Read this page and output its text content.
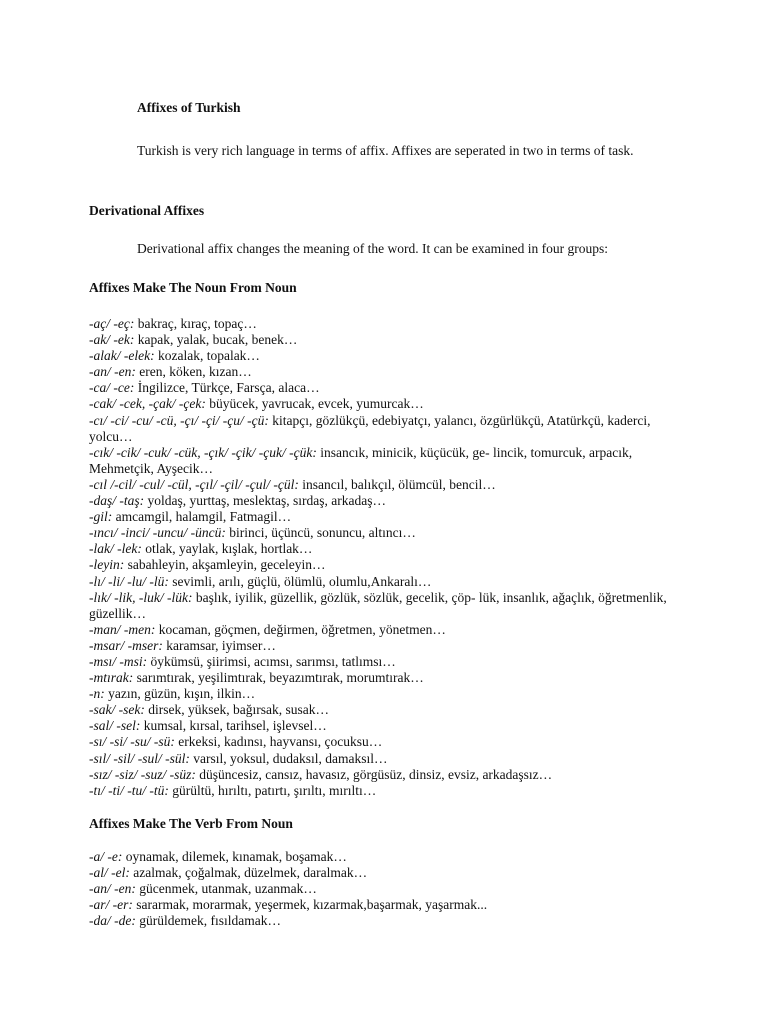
Affixes of Turkish
Turkish is very rich language in terms of affix. Affixes are seperated in two in terms of task.
Derivational Affixes
Derivational affix changes the meaning of the word. It can be examined in four groups:
Affixes Make The Noun From Noun
-aç/ -eç: bakraç, kıraç, topaç…
-ak/ -ek: kapak, yalak, bucak, benek…
-alak/ -elek: kozalak, topalak…
-an/ -en: eren, köken, kızan…
-ca/ -ce: İngilizce, Türkçe, Farsça, alaca…
-cak/ -cek, -çak/ -çek: büyücek, yavrucak, evcek, yumurcak…
-cı/ -ci/ -cu/ -cü, -çı/ -çi/ -çu/ -çü: kitapçı, gözlükçü, edebiyatçı, yalancı, özgürlükçü, Atatürkçü, kaderci, yolcu…
-cık/ -cik/ -cuk/ -cük, -çık/ -çik/ -çuk/ -çük: insancık, minicik, küçücük, ge- lincik, tomurcuk, arpacık, Mehmetçik, Ayşecik…
-cıl /-cil/ -cul/ -cül, -çıl/ -çil/ -çul/ -çül: insancıl, balıkçıl, ölümcül, bencil…
-daş/ -taş: yoldaş, yurttaş, meslektaş, sırdaş, arkadaş…
-gil: amcamgil, halamgil, Fatmagil…
-ıncı/ -inci/ -uncu/ -üncü: birinci, üçüncü, sonuncu, altıncı…
-lak/ -lek: otlak, yaylak, kışlak, hortlak…
-leyin: sabahleyin, akşamleyin, geceleyin…
-lı/ -li/ -lu/ -lü: sevimli, arılı, güçlü, ölümlü, olumlu,Ankaralı…
-lık/ -lik, -luk/ -lük: başlık, iyilik, güzellik, gözlük, sözlük, gecelik, çöp- lük, insanlık, ağaçlık, öğretmenlik, güzellik…
-man/ -men: kocaman, göçmen, değirmen, öğretmen, yönetmen…
-msar/ -mser: karamsar, iyimser…
-msı/ -msi: öykümsü, şiirimsi, acımsı, sarımsı, tatlımsı…
-mtırak: sarımtırak, yeşilimtırak, beyazımtırak, morumtırak…
-n: yazın, güzün, kışın, ilkin…
-sak/ -sek: dirsek, yüksek, bağırsak, susak…
-sal/ -sel: kumsal, kırsal, tarihsel, işlevsel…
-sı/ -si/ -su/ -sü: erkeksi, kadınsı, hayvansı, çocuksu…
-sıl/ -sil/ -sul/ -sül: varsıl, yoksul, dudaksıl, damaksıl…
-sız/ -siz/ -suz/ -süz: düşüncesiz, cansız, havasız, görgüsüz, dinsiz, evsiz, arkadaşsız…
-tı/ -ti/ -tu/ -tü: gürültü, hırıltı, patırtı, şırıltı, mırıltı…
Affixes Make The Verb From Noun
-a/ -e: oynamak, dilemek, kınamak, boşamak…
-al/ -el: azalmak, çoğalmak, düzelmek, daralmak…
-an/ -en: gücenmek, utanmak, uzanmak…
-ar/ -er: sararmak, morarmak, yeşermek, kızarmak,başarmak, yaşarmak...
-da/ -de: gürüldemek, fısıldamak…
